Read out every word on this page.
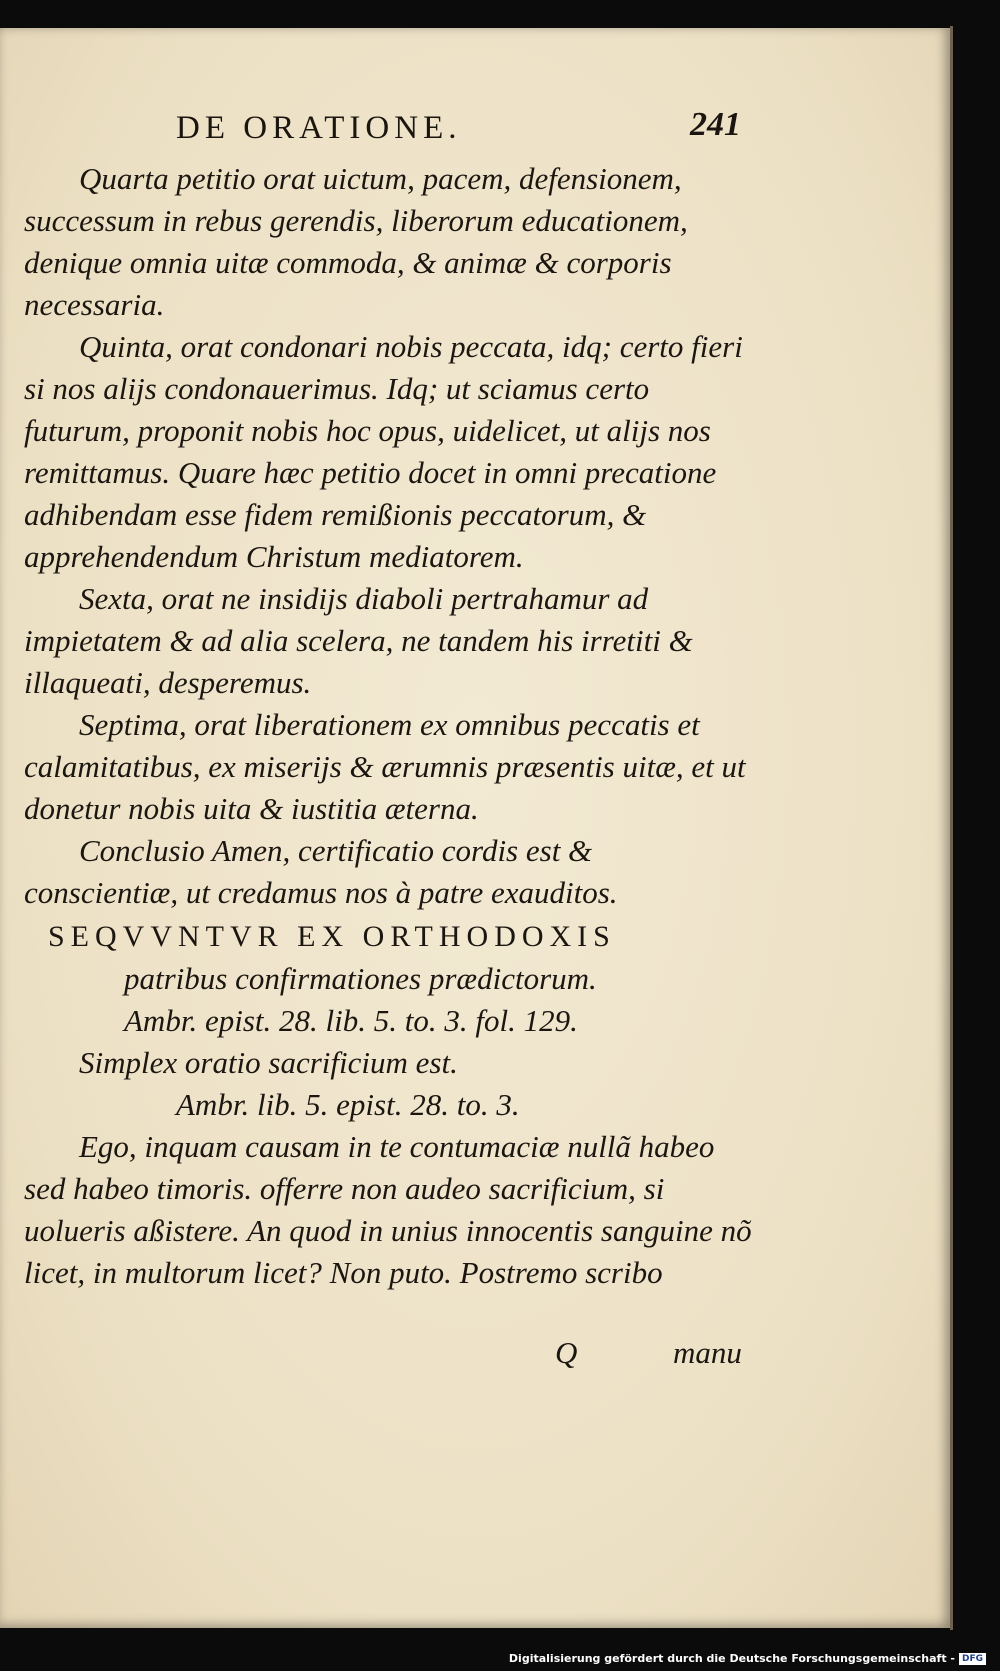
DE ORATIONE.	241

Quarta petitio orat uictum, pacem, defensionem, successum in rebus gerendis, liberorum educationem, denique omnia uitæ commoda, & animæ & corporis necessaria.

Quinta, orat condonari nobis peccata, idq; certo fieri si nos alijs condonauerimus. Idq; ut sciamus certo futurum, proponit nobis hoc opus, uidelicet, ut alijs nos remittamus. Quare hæc petitio docet in omni precatione adhibendam esse fidem remißionis peccatorum, & apprehendendum Christum mediatorem.

Sexta, orat ne insidijs diaboli pertrahamur ad impietatem & ad alia scelera, ne tandem his irretiti & illaqueati, desperemus.

Septima, orat liberationem ex omnibus peccatis et calamitatibus, ex miserijs & ærumnis præsentis uitæ, et ut donetur nobis uita & iustitia æterna.

Conclusio Amen, certificatio cordis est & conscientiæ, ut credamus nos à patre exauditos.

SEQVVNTVR EX ORTHODOXIS

patribus confirmationes prædictorum.

Ambr. epist. 28. lib. 5. to. 3. fol. 129.

Simplex oratio sacrificium est.

Ambr. lib. 5. epist. 28. to. 3.

Ego, inquam causam in te contumaciæ nullã habeo sed habeo timoris. offerre non audeo sacrificium, si uolueris aßistere. An quod in unius innocentis sanguine nõ licet, in multorum licet? Non puto. Postremo scribo

Q	manu
Digitalisierung gefördert durch die Deutsche Forschungsgemeinschaft - DFG
